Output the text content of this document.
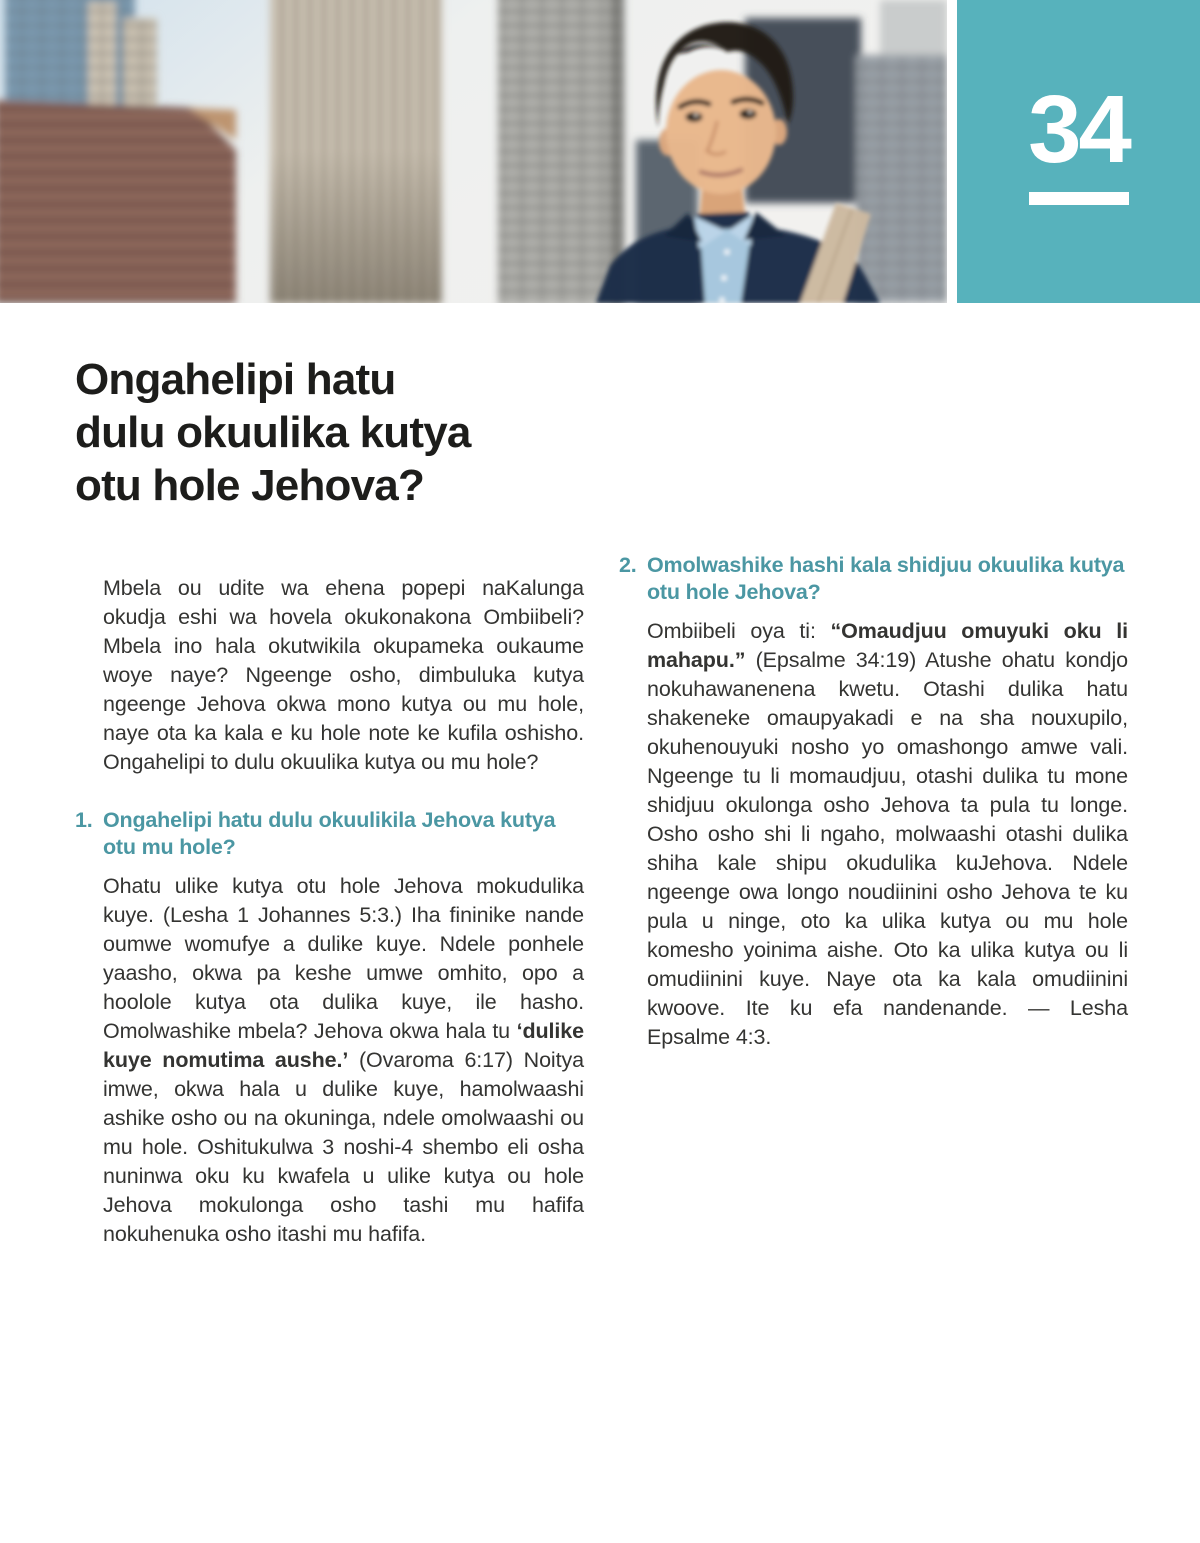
34
Ongahelipi hatu
dulu okuulika kutya
otu hole Jehova?

Mbela ou udite wa ehena popepi naKalunga okudja eshi wa hovela okukonakona Ombiibeli? Mbela ino hala okutwikila okupameka oukaume woye naye? Ngeenge osho, dimbuluka kutya ngeenge Jehova okwa mono kutya ou mu hole, naye ota ka kala e ku hole note ke kufila oshisho. Ongahelipi to dulu okuulika kutya ou mu hole?

1. Ongahelipi hatu dulu okuulikila Jehova kutya otu mu hole?

Ohatu ulike kutya otu hole Jehova mokudulika kuye. (Lesha 1 Johannes 5:3.) Iha fininike nande oumwe womufye a dulike kuye. Ndele ponhele yaasho, okwa pa keshe umwe omhito, opo a hoolole kutya ota dulika kuye, ile hasho. Omolwashike mbela? Jehova okwa hala tu ‘dulike kuye nomutima aushe.’ (Ovaroma 6:17) Noitya imwe, okwa hala u dulike kuye, hamolwaashi ashike osho ou na okuninga, ndele omolwaashi ou mu hole. Oshitukulwa 3 noshi-4 shembo eli osha nuninwa oku ku kwafela u ulike kutya ou hole Jehova mokulonga osho tashi mu hafifa nokuhenuka osho itashi mu hafifa.

2. Omolwashike hashi kala shidjuu okuulika kutya otu hole Jehova?

Ombiibeli oya ti: “Omaudjuu omuyuki oku li mahapu.” (Epsalme 34:19) Atushe ohatu kondjo nokuhawanenena kwetu. Otashi dulika hatu shakeneke omaupyakadi e na sha nouxupilo, okuhenouyuki nosho yo omashongo amwe vali. Ngeenge tu li momaudjuu, otashi dulika tu mone shidjuu okulonga osho Jehova ta pula tu longe. Osho osho shi li ngaho, molwaashi otashi dulika shiha kale shipu okudulika kuJehova. Ndele ngeenge owa longo noudiinini osho Jehova te ku pula u ninge, oto ka ulika kutya ou mu hole komesho yoinima aishe. Oto ka ulika kutya ou li omudiinini kuye. Naye ota ka kala omudiinini kwoove. Ite ku efa nandenande. — Lesha Epsalme 4:3.
